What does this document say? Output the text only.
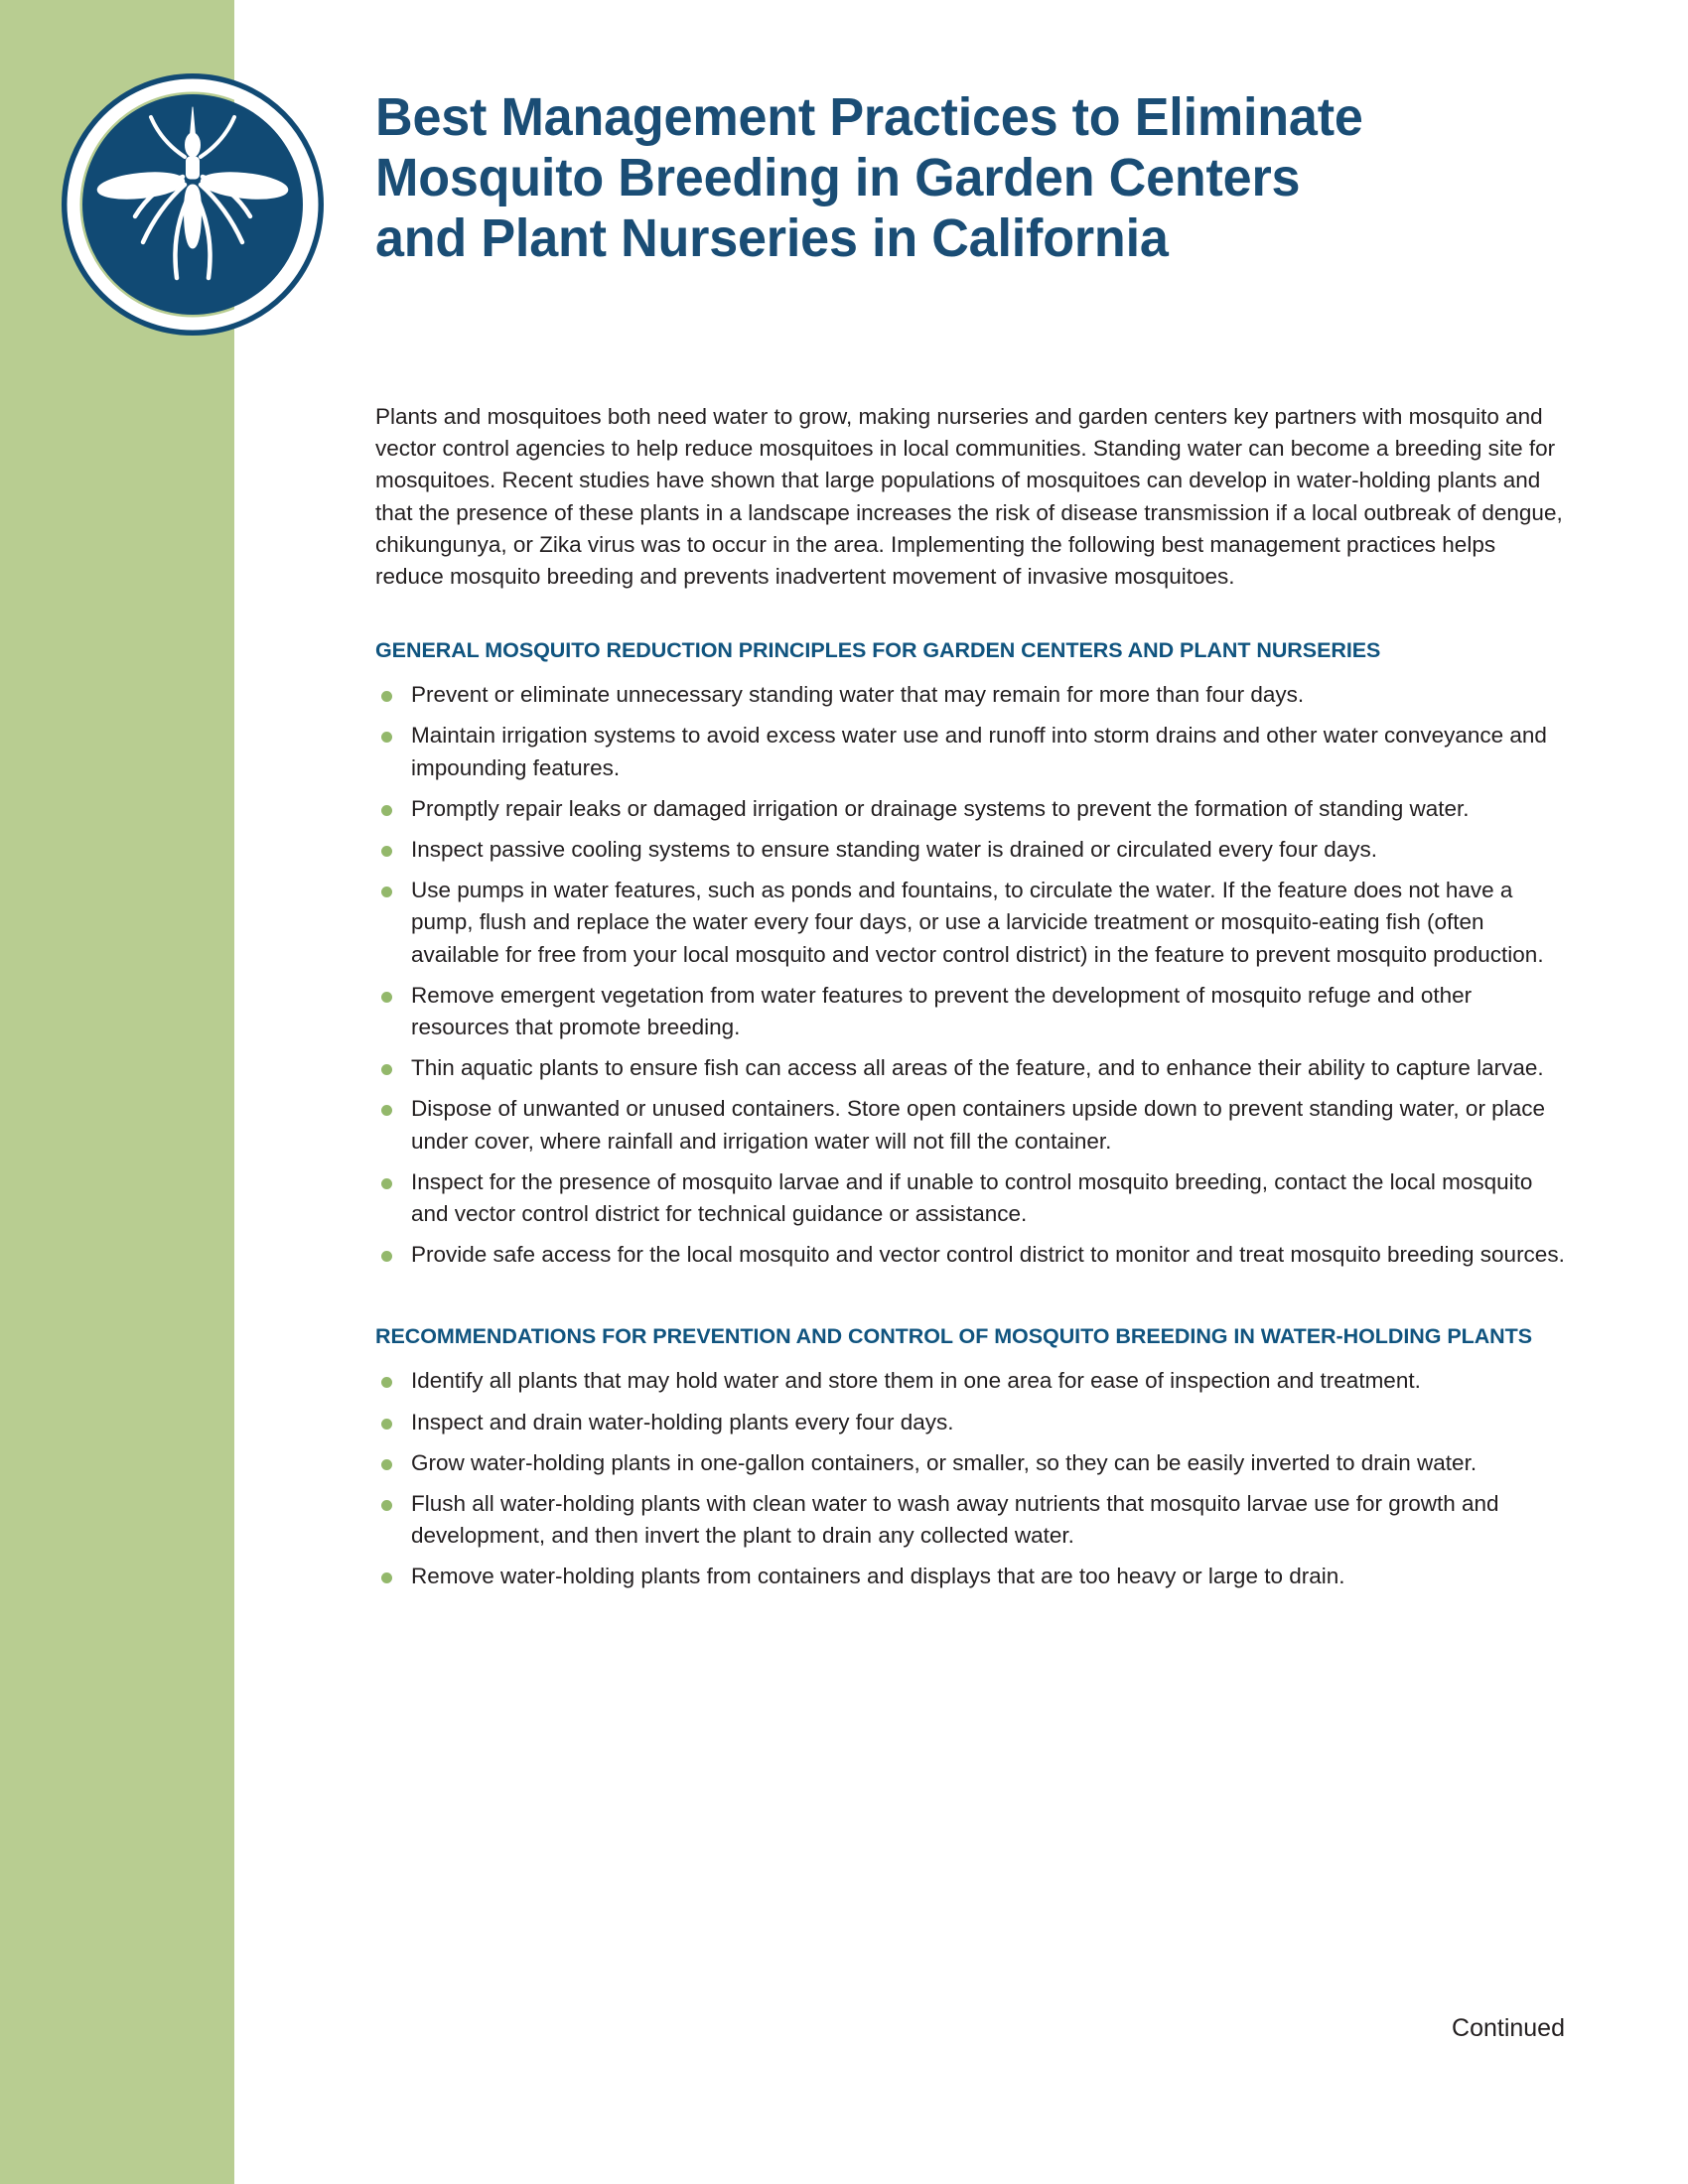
Best Management Practices to Eliminate
Mosquito Breeding in Garden Centers
and Plant Nurseries in California

Plants and mosquitoes both need water to grow, making nurseries and garden centers key partners with mosquito and vector control agencies to help reduce mosquitoes in local communities. Standing water can become a breeding site for mosquitoes. Recent studies have shown that large populations of mosquitoes can develop in water-holding plants and that the presence of these plants in a landscape increases the risk of disease transmission if a local outbreak of dengue, chikungunya, or Zika virus was to occur in the area. Implementing the following best management practices helps reduce mosquito breeding and prevents inadvertent movement of invasive mosquitoes.

GENERAL MOSQUITO REDUCTION PRINCIPLES FOR GARDEN CENTERS AND PLANT NURSERIES
Prevent or eliminate unnecessary standing water that may remain for more than four days.
Maintain irrigation systems to avoid excess water use and runoff into storm drains and other water conveyance and impounding features.
Promptly repair leaks or damaged irrigation or drainage systems to prevent the formation of standing water.
Inspect passive cooling systems to ensure standing water is drained or circulated every four days.
Use pumps in water features, such as ponds and fountains, to circulate the water. If the feature does not have a pump, flush and replace the water every four days, or use a larvicide treatment or mosquito-eating fish (often available for free from your local mosquito and vector control district) in the feature to prevent mosquito production.
Remove emergent vegetation from water features to prevent the development of mosquito refuge and other resources that promote breeding.
Thin aquatic plants to ensure fish can access all areas of the feature, and to enhance their ability to capture larvae.
Dispose of unwanted or unused containers. Store open containers upside down to prevent standing water, or place under cover, where rainfall and irrigation water will not fill the container.
Inspect for the presence of mosquito larvae and if unable to control mosquito breeding, contact the local mosquito and vector control district for technical guidance or assistance.
Provide safe access for the local mosquito and vector control district to monitor and treat mosquito breeding sources.
RECOMMENDATIONS FOR PREVENTION AND CONTROL OF MOSQUITO BREEDING IN WATER-HOLDING PLANTS
Identify all plants that may hold water and store them in one area for ease of inspection and treatment.
Inspect and drain water-holding plants every four days.
Grow water-holding plants in one-gallon containers, or smaller, so they can be easily inverted to drain water.
Flush all water-holding plants with clean water to wash away nutrients that mosquito larvae use for growth and development, and then invert the plant to drain any collected water.
Remove water-holding plants from containers and displays that are too heavy or large to drain.
Continued
